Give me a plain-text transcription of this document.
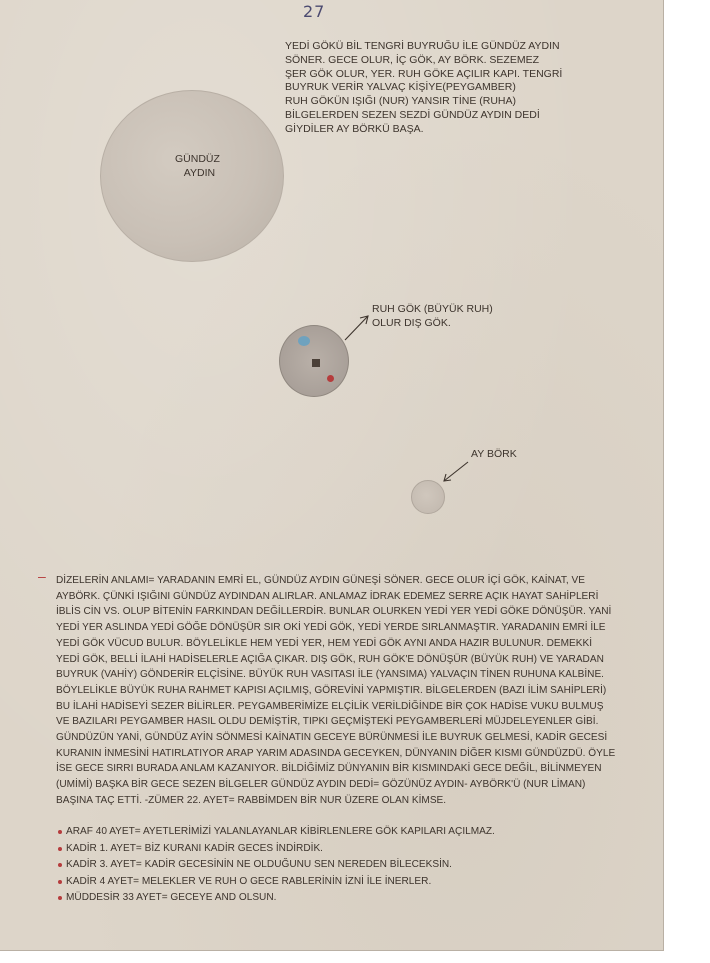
27
YEDİ GÖKÜ BİL TENGRİ BUYRUĞU İLE GÜNDÜZ AYDIN
SÖNER. GECE OLUR, İÇ GÖK, AY BÖRK. SEZEMEZ
ŞER GÖK OLUR, YER. RUH GÖKE AÇILIR KAPI. TENGRİ
BUYRUK VERİR YALVAÇ KİŞİYE(PEYGAMBER)
RUH GÖKÜN IŞIĞI (NUR) YANSIR TİNE (RUHA)
BİLGELERDEN SEZEN SEZDİ GÜNDÜZ AYDIN DEDİ
GİYDİLER AY BÖRKÜ BAŞA.
GÜNDÜZ
AYDIN
RUH GÖK (BÜYÜK RUH)
OLUR DIŞ GÖK.
AY BÖRK
– DİZELERİN ANLAMI= YARADANIN EMRİ EL, GÜNDÜZ AYDIN GÜNEŞİ SÖNER. GECE OLUR İÇİ GÖK, KAİNAT, VE
AYBÖRK. ÇÜNKİ IŞIĞINI GÜNDÜZ AYDINDAN ALIRLAR. ANLAMAZ İDRAK EDEMEZ SERRE AÇIK HAYAT SAHİPLERİ
İBLİS CİN VS. OLUP BİTENİN FARKINDAN DEĞİLLERDİR. BUNLAR OLURKEN YEDİ YER YEDİ GÖKE DÖNÜŞÜR. YANİ
YEDİ YER ASLINDA YEDİ GÖĞE DÖNÜŞÜR SIR OKİ YEDİ GÖK, YEDİ YERDE SIRLANMAŞTIR. YARADANIN EMRİ İLE
YEDİ GÖK VÜCUD BULUR. BÖYLELİKLE HEM YEDİ YER, HEM YEDİ GÖK AYNI ANDA HAZIR BULUNUR. DEMEKKİ
YEDİ GÖK, BELLİ İLAHİ HADİSELERLE AÇIĞA ÇIKAR. DIŞ GÖK, RUH GÖK'E DÖNÜŞÜR (BÜYÜK RUH) VE YARADAN
BUYRUK (VAHİY) GÖNDERİR ELÇİSİNE. BÜYÜK RUH VASITASI İLE (YANSIMA) YALVAÇIN TİNEN RUHUNA KALBİNE.
BÖYLELİKLE BÜYÜK RUHA RAHMET KAPISI AÇILMIŞ, GÖREVİNİ YAPMIŞTIR. BİLGELERDEN (BAZI İLİM SAHİPLERİ)
BU İLAHİ HADİSEYİ SEZER BİLİRLER. PEYGAMBERİMİZE ELÇİLİK VERİLDİĞİNDE BİR ÇOK HADİSE VUKU BULMUŞ
VE BAZILARI PEYGAMBER HASIL OLDU DEMİŞTİR, TIPKI GEÇMİŞTEKİ PEYGAMBERLERİ MÜJDELEYENLER GİBİ.
GÜNDÜZÜN YANİ, GÜNDÜZ AYİN SÖNMESİ KAİNATIN GECEYE BÜRÜNMESİ İLE BUYRUK GELMESİ, KADİR GECESİ
KURANIN İNMESİNİ HATIRLATIYOR ARAP YARIM ADASINDA GECEYKEN, DÜNYANIN DİĞER KISMI GÜNDÜZDÜ. ÖYLE
İSE GECE SIRRI BURADA ANLAM KAZANIYOR. BİLDİĞİMİZ DÜNYANIN BİR KISMINDAKİ GECE DEĞİL, BİLİNMEYEN
(UMİMİ) BAŞKA BİR GECE SEZEN BİLGELER GÜNDÜZ AYDIN DEDİ= GÖZÜNÜZ AYDIN- AYBÖRK'Ü (NUR LİMAN)
BAŞINA TAÇ ETTİ. -ZÜMER 22. AYET= RABBİMDEN BİR NUR ÜZERE OLAN KİMSE.
ARAF 40 AYET= AYETLERİMİZİ YALANLAYANLAR KİBİRLENLERE GÖK KAPILARI AÇILMAZ.
KADİR 1. AYET= BİZ KURANI KADİR GECES İNDİRDİK.
KADİR 3. AYET= KADİR GECESİNİN NE OLDUĞUNU SEN NEREDEN BİLECEKSİN.
KADİR 4 AYET= MELEKLER VE RUH O GECE RABLERİNİN İZNİ İLE İNERLER.
MÜDDESİR 33 AYET= GECEYE AND OLSUN.
